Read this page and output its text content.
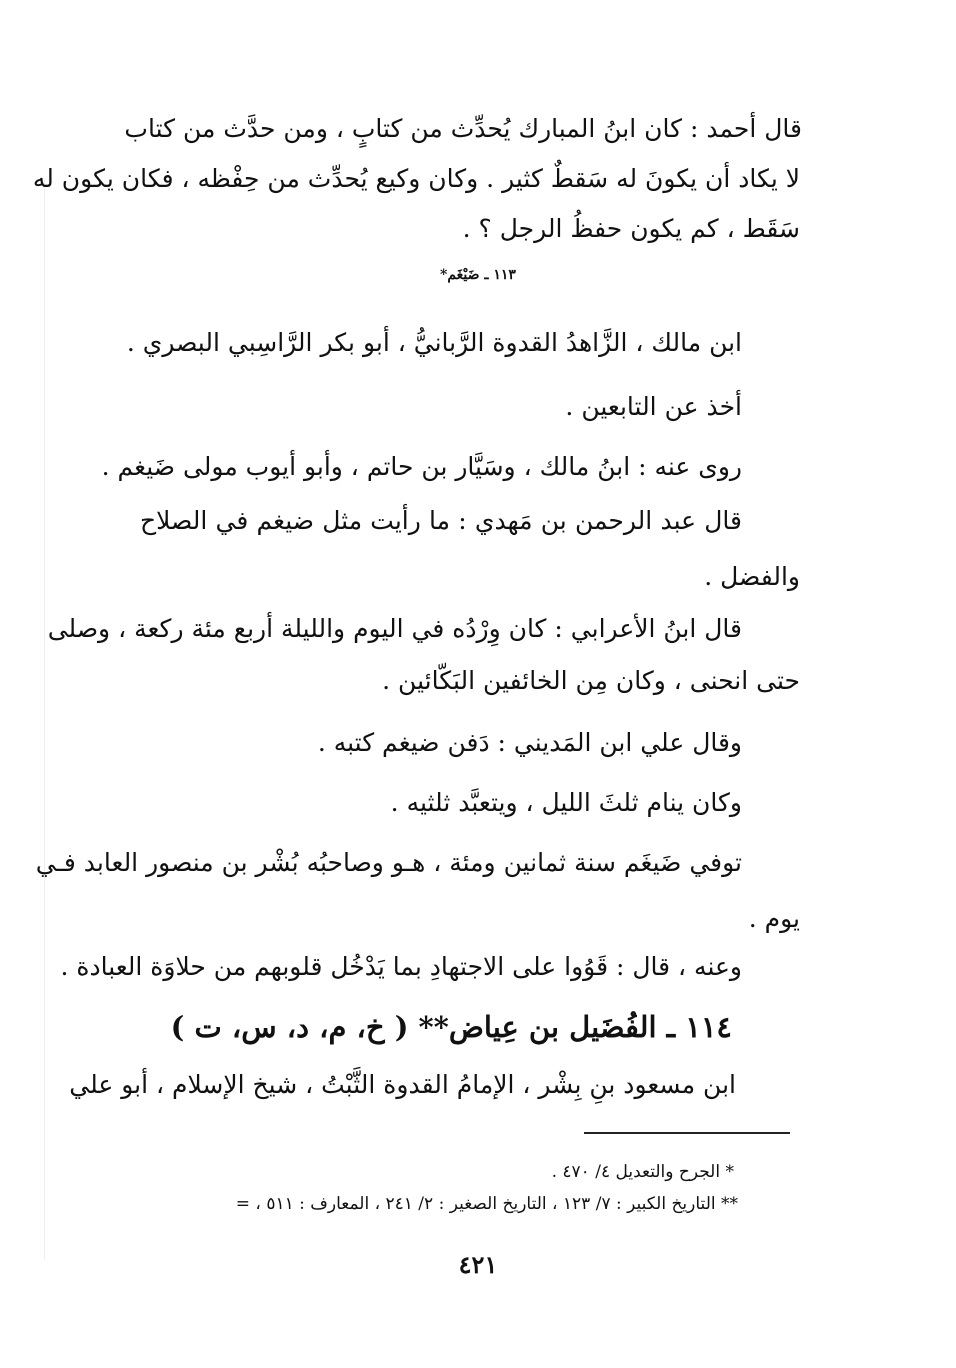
قال أحمد : كان ابنُ المبارك يُحدِّث من كتابٍ ، ومن حدَّث من كتاب
لا يكاد أن يكونَ له سَقطٌ كثير . وكان وكيع يُحدِّث من حِفْظه ، فكان يكون له
سَقَط ، كم يكون حفظُ الرجل ؟ .
١١٣ ـ ضَيْغَم*
ابن مالك ، الزَّاهدُ القدوة الرَّبانيُّ ، أبو بكر الرَّاسِبي البصري .
أخذ عن التابعين .
روى عنه : ابنُ مالك ، وسَيَّار بن حاتم ، وأبو أيوب مولى ضَيغم .
قال عبد الرحمن بن مَهدي : ما رأيت مثل ضيغم في الصلاح
والفضل .
قال ابنُ الأعرابي : كان وِرْدُه في اليوم والليلة أربع مئة ركعة ، وصلى
حتى انحنى ، وكان مِن الخائفين البَكّائين .
وقال علي ابن المَديني : دَفن ضيغم كتبه .
وكان ينام ثلثَ الليل ، ويتعبَّد ثلثيه .
توفي ضَيغَم سنة ثمانين ومئة ، هـو وصاحبُه بُشْر بن منصور العابد فـي
يوم .
وعنه ، قال : قَوُوا على الاجتهادِ بما يَدْخُل قلوبهم من حلاوَة العبادة .
١١٤ ـ الفُضَيل بن عِياض** ( خ، م، د، س، ت )
ابن مسعود بنِ بِشْر ، الإمامُ القدوة الثَّبْتُ ، شيخ الإسلام ، أبو علي
* الجرح والتعديل ٤/ ٤٧٠ .
** التاريخ الكبير : ٧/ ١٢٣ ، التاريخ الصغير : ٢/ ٢٤١ ، المعارف : ٥١١ ، =
٤٢١
